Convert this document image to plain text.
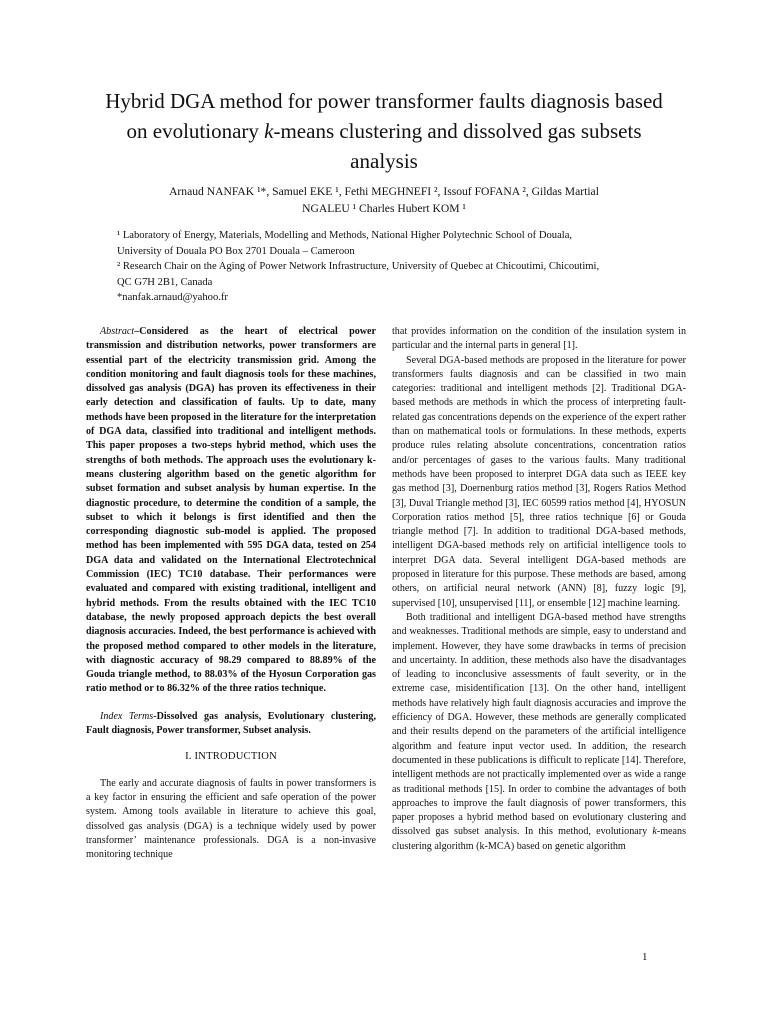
Hybrid DGA method for power transformer faults diagnosis based on evolutionary k-means clustering and dissolved gas subsets analysis
Arnaud NANFAK ¹*, Samuel EKE ¹, Fethi MEGHNEFI ², Issouf FOFANA ², Gildas Martial
NGALEU ¹ Charles Hubert KOM ¹
¹ Laboratory of Energy, Materials, Modelling and Methods, National Higher Polytechnic School of Douala,
University of Douala PO Box 2701 Douala – Cameroon
² Research Chair on the Aging of Power Network Infrastructure, University of Quebec at Chicoutimi, Chicoutimi,
QC G7H 2B1, Canada
*nanfak.arnaud@yahoo.fr

Abstract–Considered as the heart of electrical power transmission and distribution networks, power transformers are essential part of the electricity transmission grid. Among the condition monitoring and fault diagnosis tools for these machines, dissolved gas analysis (DGA) has proven its effectiveness in their early detection and classification of faults. Up to date, many methods have been proposed in the literature for the interpretation of DGA data, classified into traditional and intelligent methods. This paper proposes a two-steps hybrid method, which uses the strengths of both methods. The approach uses the evolutionary k-means clustering algorithm based on the genetic algorithm for subset formation and subset analysis by human expertise. In the diagnostic procedure, to determine the condition of a sample, the subset to which it belongs is first identified and then the corresponding diagnostic sub-model is applied. The proposed method has been implemented with 595 DGA data, tested on 254 DGA data and validated on the International Electrotechnical Commission (IEC) TC10 database. Their performances were evaluated and compared with existing traditional, intelligent and hybrid methods. From the results obtained with the IEC TC10 database, the newly proposed approach depicts the best overall diagnosis accuracies. Indeed, the best performance is achieved with the proposed method compared to other models in the literature, with diagnostic accuracy of 98.29 compared to 88.89% of the Gouda triangle method, to 88.03% of the Hyosun Corporation gas ratio method or to 86.32% of the three ratios technique.

Index Terms-Dissolved gas analysis, Evolutionary clustering, Fault diagnosis, Power transformer, Subset analysis.

I. INTRODUCTION

The early and accurate diagnosis of faults in power transformers is a key factor in ensuring the efficient and safe operation of the power system. Among tools available in literature to achieve this goal, dissolved gas analysis (DGA) is a technique widely used by power transformer’ maintenance professionals. DGA is a non-invasive monitoring technique

that provides information on the condition of the insulation system in particular and the internal parts in general [1].

Several DGA-based methods are proposed in the literature for power transformers faults diagnosis and can be classified in two main categories: traditional and intelligent methods [2]. Traditional DGA-based methods are methods in which the process of interpreting fault-related gas concentrations depends on the experience of the expert rather than on mathematical tools or formulations. In these methods, experts produce rules relating absolute concentrations, concentration ratios and/or percentages of gases to the various faults. Many traditional methods have been proposed to interpret DGA data such as IEEE key gas method [3], Doernenburg ratios method [3], Rogers Ratios Method [3], Duval Triangle method [3], IEC 60599 ratios method [4], HYOSUN Corporation ratios method [5], three ratios technique [6] or Gouda triangle method [7]. In addition to traditional DGA-based methods, intelligent DGA-based methods rely on artificial intelligence tools to interpret DGA data. Several intelligent DGA-based methods are proposed in literature for this purpose. These methods are based, among others, on artificial neural network (ANN) [8], fuzzy logic [9], supervised [10], unsupervised [11], or ensemble [12] machine learning.

Both traditional and intelligent DGA-based method have strengths and weaknesses. Traditional methods are simple, easy to understand and implement. However, they have some drawbacks in terms of precision and uncertainty. In addition, these methods also have the disadvantages of leading to inconclusive assessments of fault severity, or in the extreme case, misidentification [13]. On the other hand, intelligent methods have relatively high fault diagnosis accuracies and improve the efficiency of DGA. However, these methods are generally complicated and their results depend on the parameters of the artificial intelligence algorithm and feature input vector used. In addition, the research documented in these publications is difficult to replicate [14]. Therefore, intelligent methods are not practically implemented over as wide a range as traditional methods [15]. In order to combine the advantages of both approaches to improve the fault diagnosis of power transformers, this paper proposes a hybrid method based on evolutionary clustering and dissolved gas subset analysis. In this method, evolutionary k-means clustering algorithm (k-MCA) based on genetic algorithm

1
